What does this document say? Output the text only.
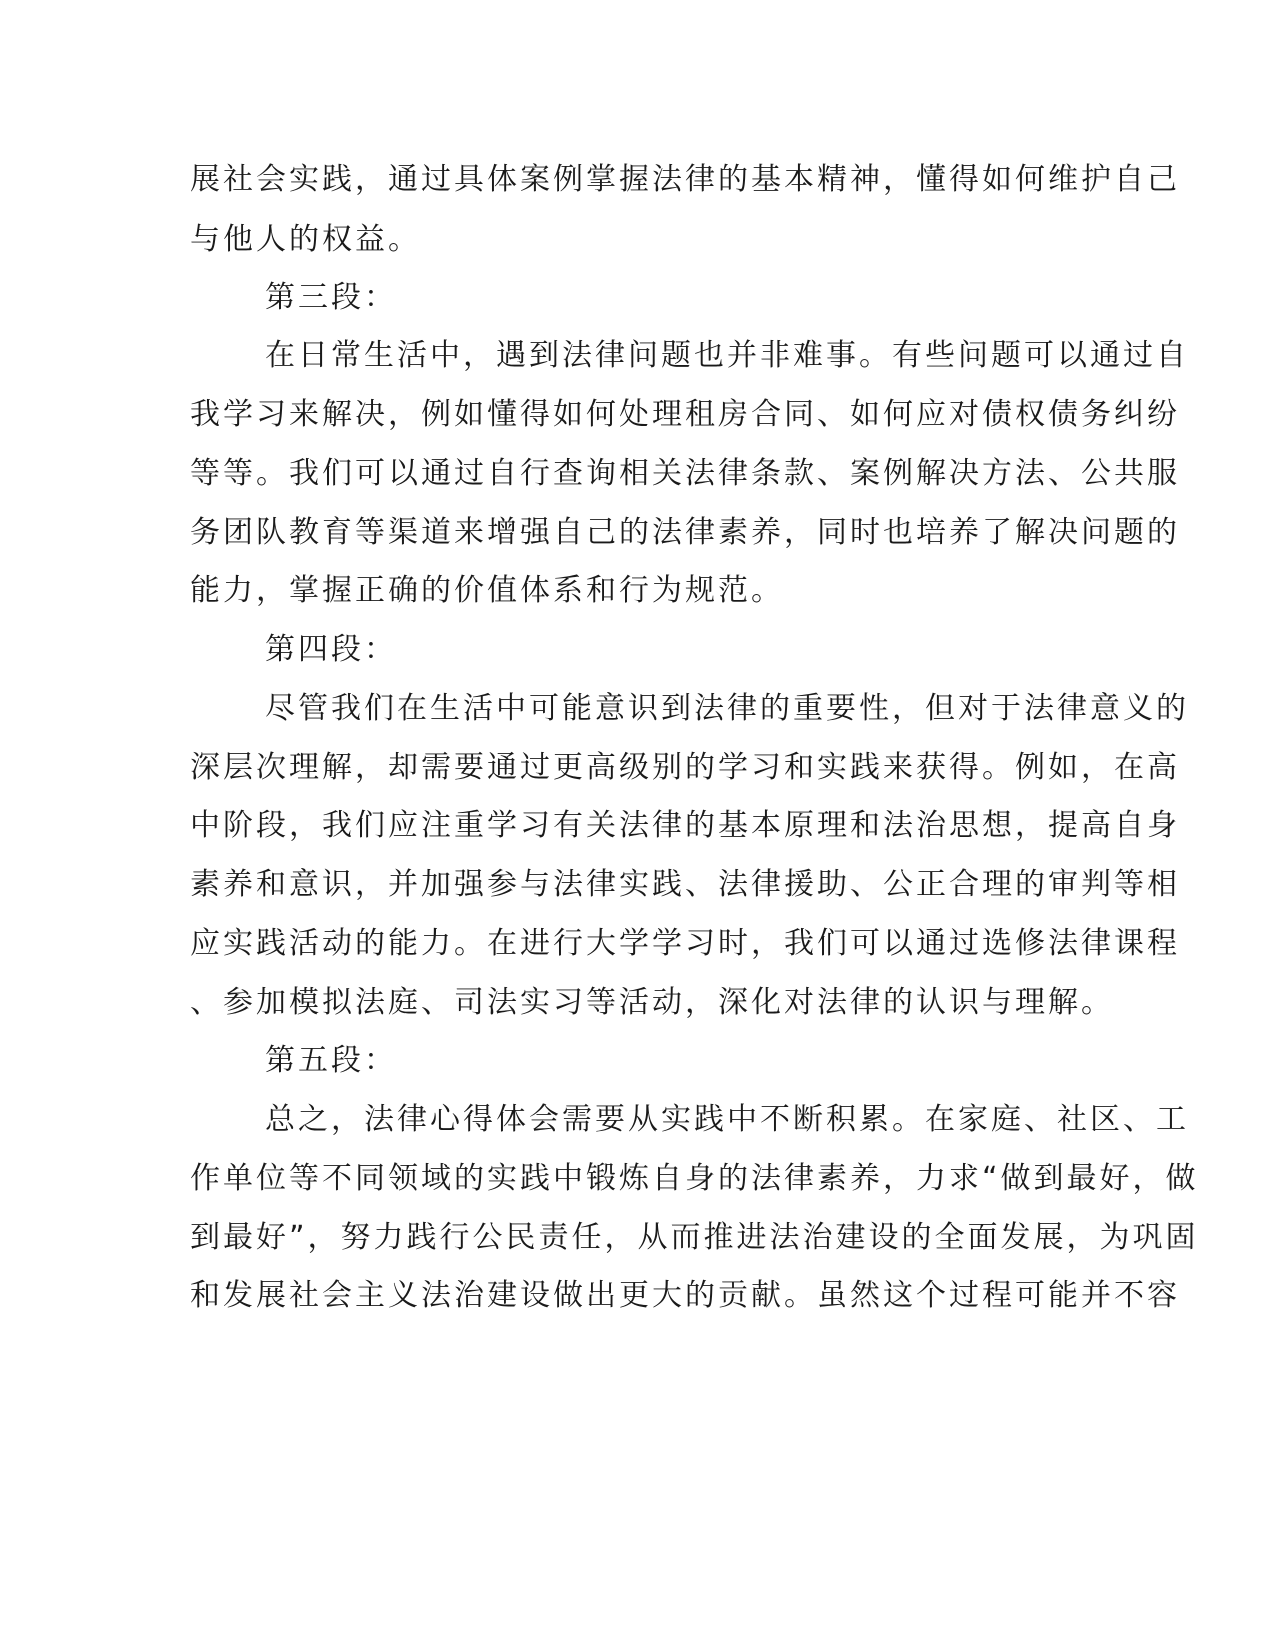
展社会实践，通过具体案例掌握法律的基本精神，懂得如何维护自己

与他人的权益。

第三段：

在日常生活中，遇到法律问题也并非难事。有些问题可以通过自

我学习来解决，例如懂得如何处理租房合同、如何应对债权债务纠纷

等等。我们可以通过自行查询相关法律条款、案例解决方法、公共服

务团队教育等渠道来增强自己的法律素养，同时也培养了解决问题的

能力，掌握正确的价值体系和行为规范。

第四段：

尽管我们在生活中可能意识到法律的重要性，但对于法律意义的

深层次理解，却需要通过更高级别的学习和实践来获得。例如，在高

中阶段，我们应注重学习有关法律的基本原理和法治思想，提高自身

素养和意识，并加强参与法律实践、法律援助、公正合理的审判等相

应实践活动的能力。在进行大学学习时，我们可以通过选修法律课程

、参加模拟法庭、司法实习等活动，深化对法律的认识与理解。

第五段：

总之，法律心得体会需要从实践中不断积累。在家庭、社区、工

作单位等不同领域的实践中锻炼自身的法律素养，力求“做到最好，做

到最好”，努力践行公民责任，从而推进法治建设的全面发展，为巩固

和发展社会主义法治建设做出更大的贡献。虽然这个过程可能并不容
